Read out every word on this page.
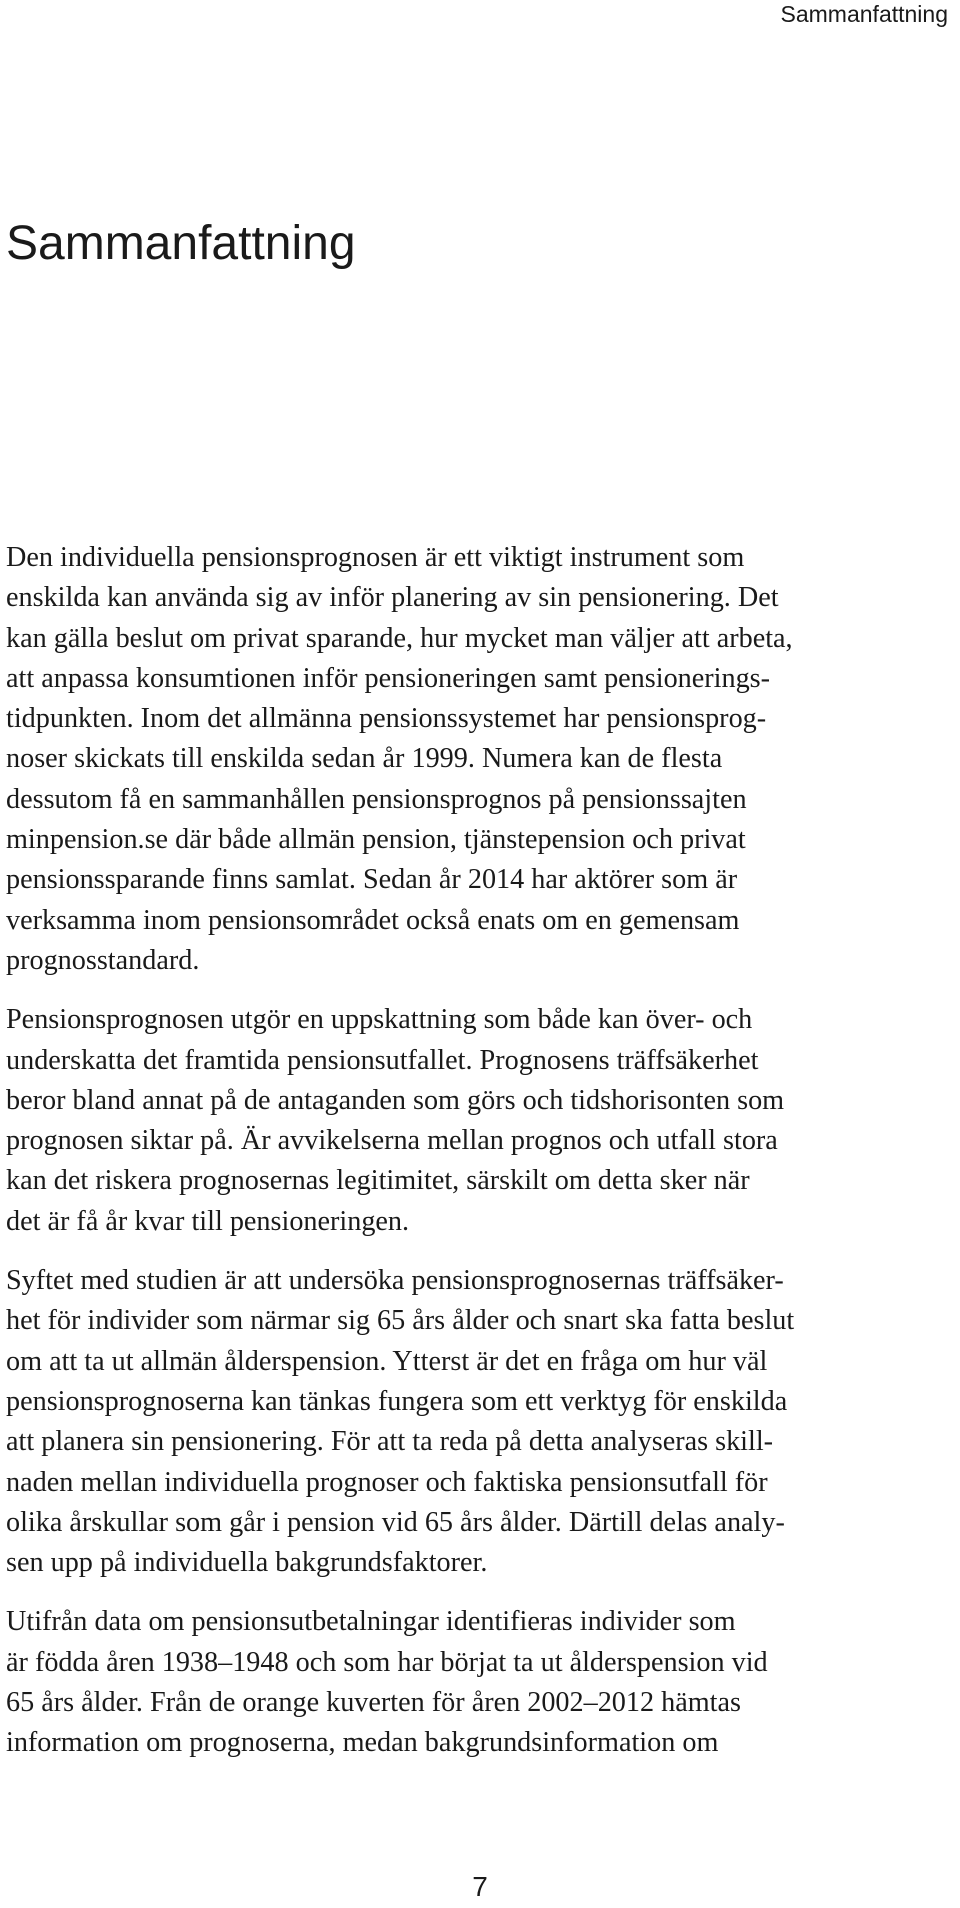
Sammanfattning
Sammanfattning

Den individuella pensionsprognosen är ett viktigt instrument som
enskilda kan använda sig av inför planering av sin pensionering. Det
kan gälla beslut om privat sparande, hur mycket man väljer att arbeta,
att anpassa konsumtionen inför pensioneringen samt pensionerings-
tidpunkten. Inom det allmänna pensionssystemet har pensionsprog-
noser skickats till enskilda sedan år 1999. Numera kan de flesta
dessutom få en sammanhållen pensionsprognos på pensionssajten
minpension.se där både allmän pension, tjänstepension och privat
pensionssparande finns samlat. Sedan år 2014 har aktörer som är
verksamma inom pensionsområdet också enats om en gemensam
prognosstandard.

Pensionsprognosen utgör en uppskattning som både kan över- och
underskatta det framtida pensionsutfallet. Prognosens träffsäkerhet
beror bland annat på de antaganden som görs och tidshorisonten som
prognosen siktar på. Är avvikelserna mellan prognos och utfall stora
kan det riskera prognosernas legitimitet, särskilt om detta sker när
det är få år kvar till pensioneringen.

Syftet med studien är att undersöka pensionsprognosernas träffsäker-
het för individer som närmar sig 65 års ålder och snart ska fatta beslut
om att ta ut allmän ålderspension. Ytterst är det en fråga om hur väl
pensionsprognoserna kan tänkas fungera som ett verktyg för enskilda
att planera sin pensionering. För att ta reda på detta analyseras skill-
naden mellan individuella prognoser och faktiska pensionsutfall för
olika årskullar som går i pension vid 65 års ålder. Därtill delas analy-
sen upp på individuella bakgrundsfaktorer.

Utifrån data om pensionsutbetalningar identifieras individer som
är födda åren 1938–1948 och som har börjat ta ut ålderspension vid
65 års ålder. Från de orange kuverten för åren 2002–2012 hämtas
information om prognoserna, medan bakgrundsinformation om

7
